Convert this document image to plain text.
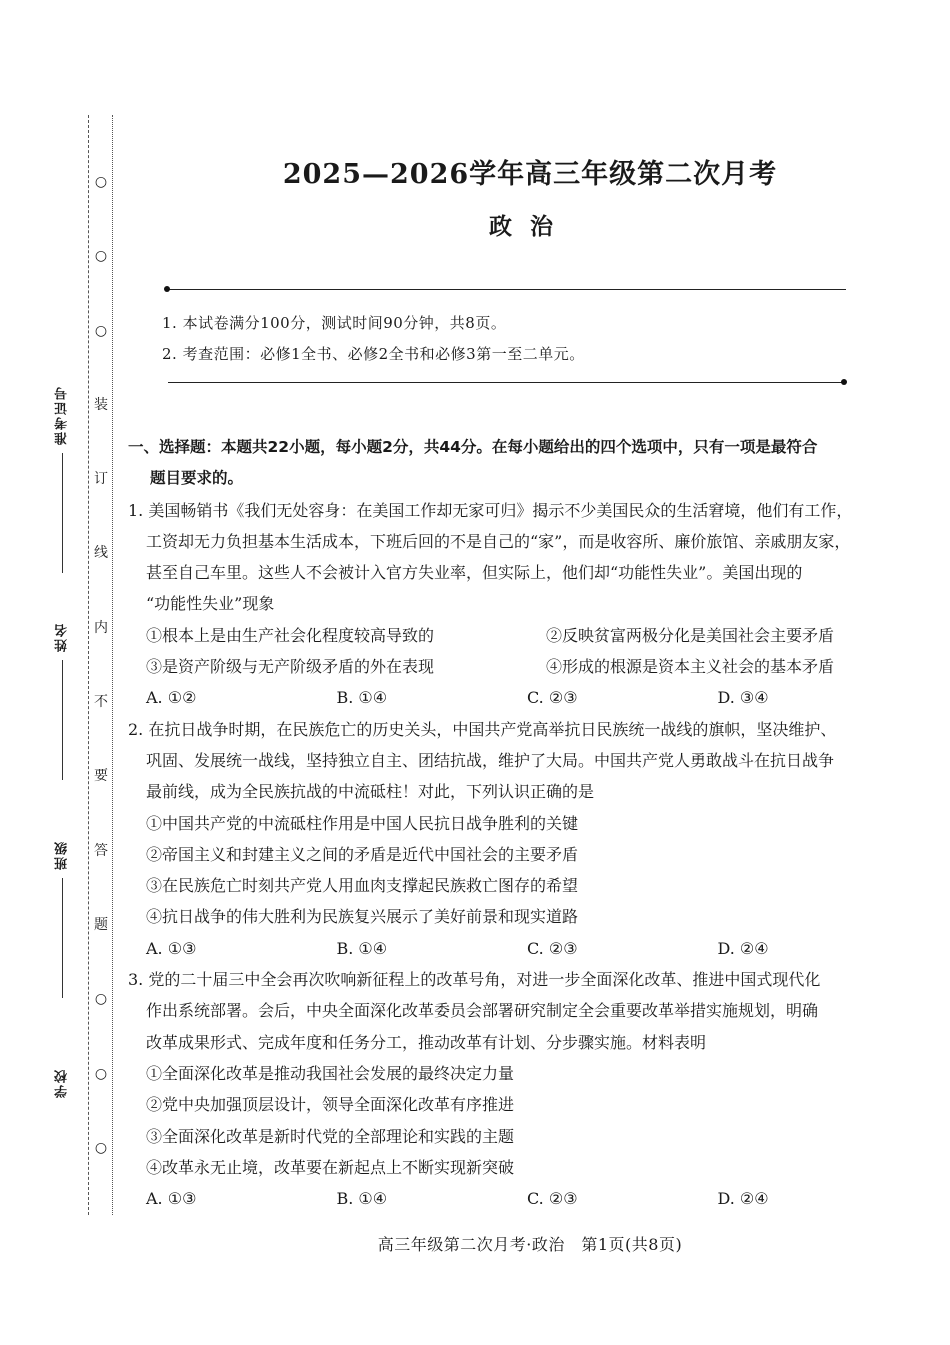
○
○
○
装
订
线
内
不
要
答
题
○
○
○
准考证号
姓名
班级
学校
2025—2026学年高三年级第二次月考
政治
1. 本试卷满分100分，测试时间90分钟，共8页。
2. 考查范围：必修1全书、必修2全书和必修3第一至二单元。
一、选择题：本题共22小题，每小题2分，共44分。在每小题给出的四个选项中，只有一项是最符合
题目要求的。
1. 美国畅销书《我们无处容身：在美国工作却无家可归》揭示不少美国民众的生活窘境，他们有工作，
工资却无力负担基本生活成本，下班后回的不是自己的“家”，而是收容所、廉价旅馆、亲戚朋友家，
甚至自己车里。这些人不会被计入官方失业率，但实际上，他们却“功能性失业”。美国出现的
“功能性失业”现象
①根本上是由生产社会化程度较高导致的	②反映贫富两极分化是美国社会主要矛盾
③是资产阶级与无产阶级矛盾的外在表现	④形成的根源是资本主义社会的基本矛盾
A. ①②	B. ①④	C. ②③	D. ③④
2. 在抗日战争时期，在民族危亡的历史关头，中国共产党高举抗日民族统一战线的旗帜，坚决维护、
巩固、发展统一战线，坚持独立自主、团结抗战，维护了大局。中国共产党人勇敢战斗在抗日战争
最前线，成为全民族抗战的中流砥柱！对此，下列认识正确的是
①中国共产党的中流砥柱作用是中国人民抗日战争胜利的关键
②帝国主义和封建主义之间的矛盾是近代中国社会的主要矛盾
③在民族危亡时刻共产党人用血肉支撑起民族救亡图存的希望
④抗日战争的伟大胜利为民族复兴展示了美好前景和现实道路
A. ①③	B. ①④	C. ②③	D. ②④
3. 党的二十届三中全会再次吹响新征程上的改革号角，对进一步全面深化改革、推进中国式现代化
作出系统部署。会后，中央全面深化改革委员会部署研究制定全会重要改革举措实施规划，明确
改革成果形式、完成年度和任务分工，推动改革有计划、分步骤实施。材料表明
①全面深化改革是推动我国社会发展的最终决定力量
②党中央加强顶层设计，领导全面深化改革有序推进
③全面深化改革是新时代党的全部理论和实践的主题
④改革永无止境，改革要在新起点上不断实现新突破
A. ①③	B. ①④	C. ②③	D. ②④
高三年级第二次月考·政治　第1页(共8页)
